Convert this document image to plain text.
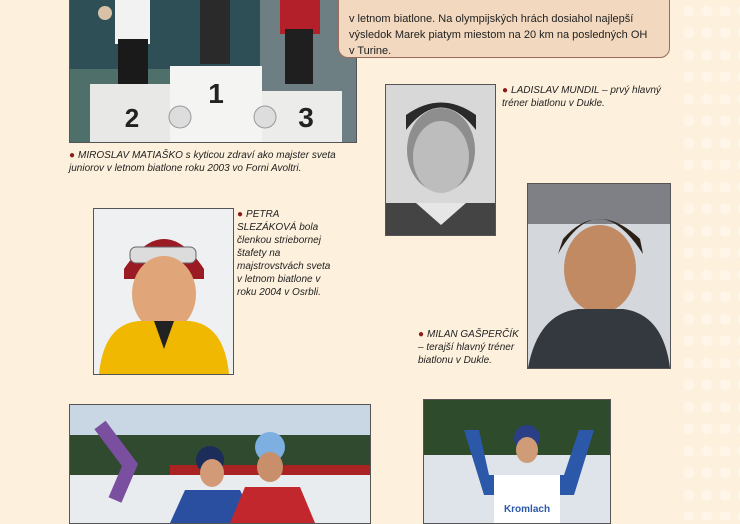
1
3
2
v letnom biatlone. Na olympijských hrách dosiahol najlepší
výsledok Marek piatym miestom na 20 km na posledných OH
v Turine.
● MIROSLAV MATIAŠKO s kyticou zdraví ako majster sveta juniorov v letnom biatlone roku 2003 vo Forni Avoltri.
● LADISLAV MUNDIL – prvý hlavný tréner biatlonu v Dukle.
● PETRA SLEZÁKOVÁ bola členkou striebornej štafety na majstrovstvách sveta v letnom biatlone v roku 2004 v Osrbli.
● MILAN GAŠPERČÍK – terajší hlavný tréner biatlonu v Dukle.
Kromlach
